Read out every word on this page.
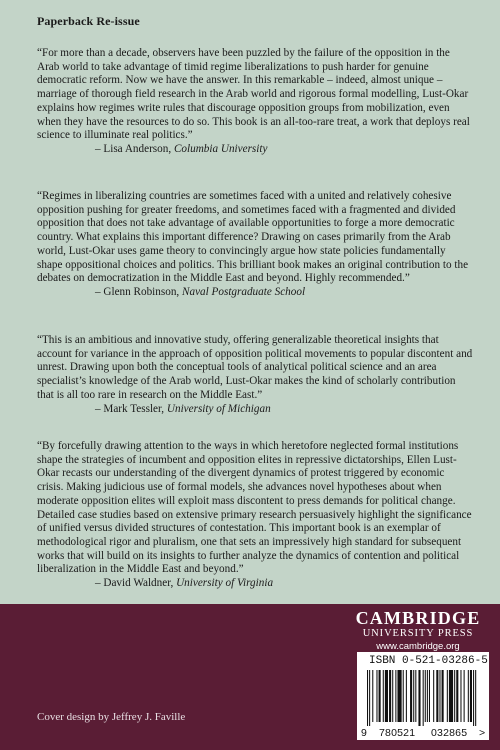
Paperback Re-issue

“For more than a decade, observers have been puzzled by the failure of the opposition in the Arab world to take advantage of timid regime liberalizations to push harder for genuine democratic reform. Now we have the answer. In this remarkable – indeed, almost unique – marriage of thorough field research in the Arab world and rigorous formal modelling, Lust-Okar explains how regimes write rules that discourage opposition groups from mobilization, even when they have the resources to do so. This book is an all-too-rare treat, a work that deploys real science to illuminate real politics.”

– Lisa Anderson, Columbia University

“Regimes in liberalizing countries are sometimes faced with a united and relatively cohesive opposition pushing for greater freedoms, and sometimes faced with a fragmented and divided opposition that does not take advantage of available opportunities to forge a more democratic country. What explains this important difference? Drawing on cases primarily from the Arab world, Lust-Okar uses game theory to convincingly argue how state policies fundamentally shape oppositional choices and politics. This brilliant book makes an original contribution to the debates on democratization in the Middle East and beyond. Highly recommended.”

– Glenn Robinson, Naval Postgraduate School

“This is an ambitious and innovative study, offering generalizable theoretical insights that account for variance in the approach of opposition political movements to popular discontent and unrest. Drawing upon both the conceptual tools of analytical political science and an area specialist’s knowledge of the Arab world, Lust-Okar makes the kind of scholarly contribution that is all too rare in research on the Middle East.”

– Mark Tessler, University of Michigan

“By forcefully drawing attention to the ways in which heretofore neglected formal institutions shape the strategies of incumbent and opposition elites in repressive dictatorships, Ellen Lust-Okar recasts our understanding of the divergent dynamics of protest triggered by economic crisis. Making judicious use of formal models, she advances novel hypotheses about when moderate opposition elites will exploit mass discontent to press demands for political change. Detailed case studies based on extensive primary research persuasively highlight the significance of unified versus divided structures of contestation. This important book is an exemplar of methodological rigor and pluralism, one that sets an impressively high standard for subsequent works that will build on its insights to further analyze the dynamics of contention and political liberalization in the Middle East and beyond.”

– David Waldner, University of Virginia

CAMBRIDGE
UNIVERSITY PRESS
www.cambridge.org
ISBN 0-521-03286-5
9 780521 032865 >
Cover design by Jeffrey J. Faville
